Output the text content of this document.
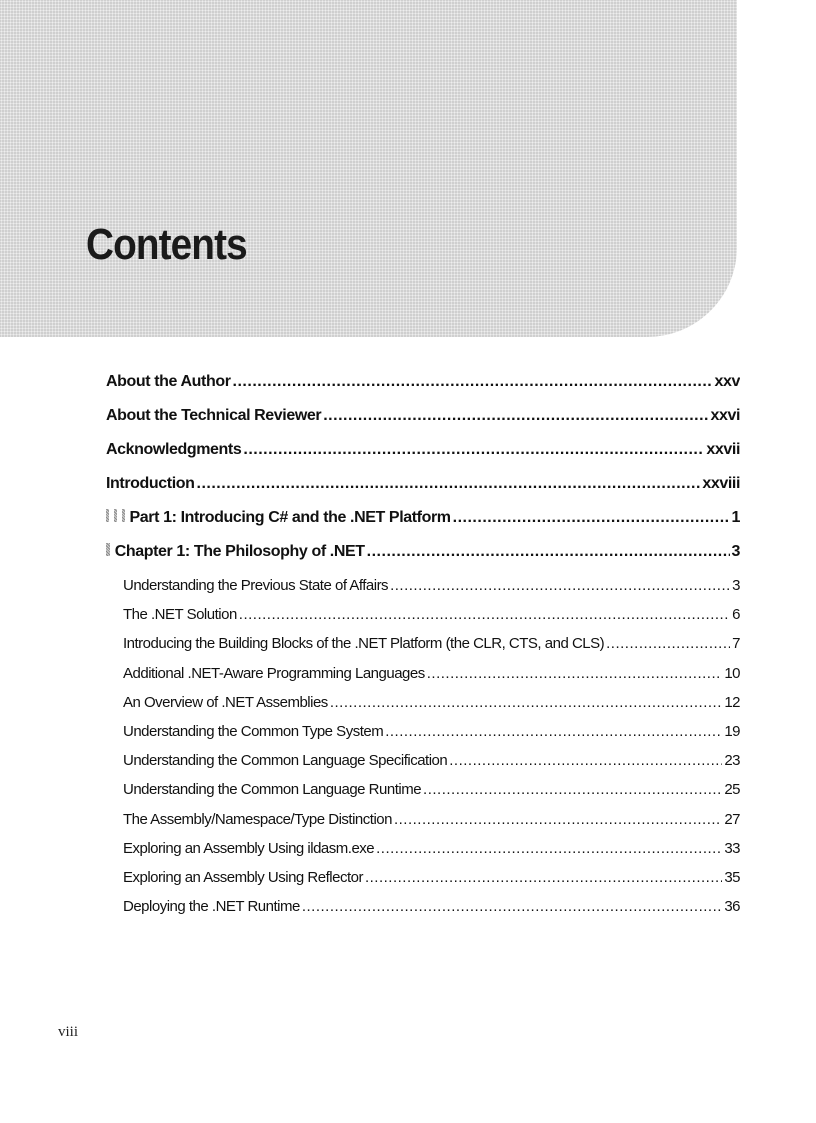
Contents
About the Author .....	xxv
About the Technical Reviewer .....	xxvi
Acknowledgments .....	xxvii
Introduction .....	xxviii
Part 1: Introducing C# and the .NET Platform .....	1
Chapter 1: The Philosophy of .NET .....	3
Understanding the Previous State of Affairs .....	3
The .NET Solution .....	6
Introducing the Building Blocks of the .NET Platform (the CLR, CTS, and CLS) .....	7
Additional .NET-Aware Programming Languages .....	10
An Overview of .NET Assemblies .....	12
Understanding the Common Type System .....	19
Understanding the Common Language Specification .....	23
Understanding the Common Language Runtime .....	25
The Assembly/Namespace/Type Distinction .....	27
Exploring an Assembly Using ildasm.exe .....	33
Exploring an Assembly Using Reflector .....	35
Deploying the .NET Runtime .....	36
viii
